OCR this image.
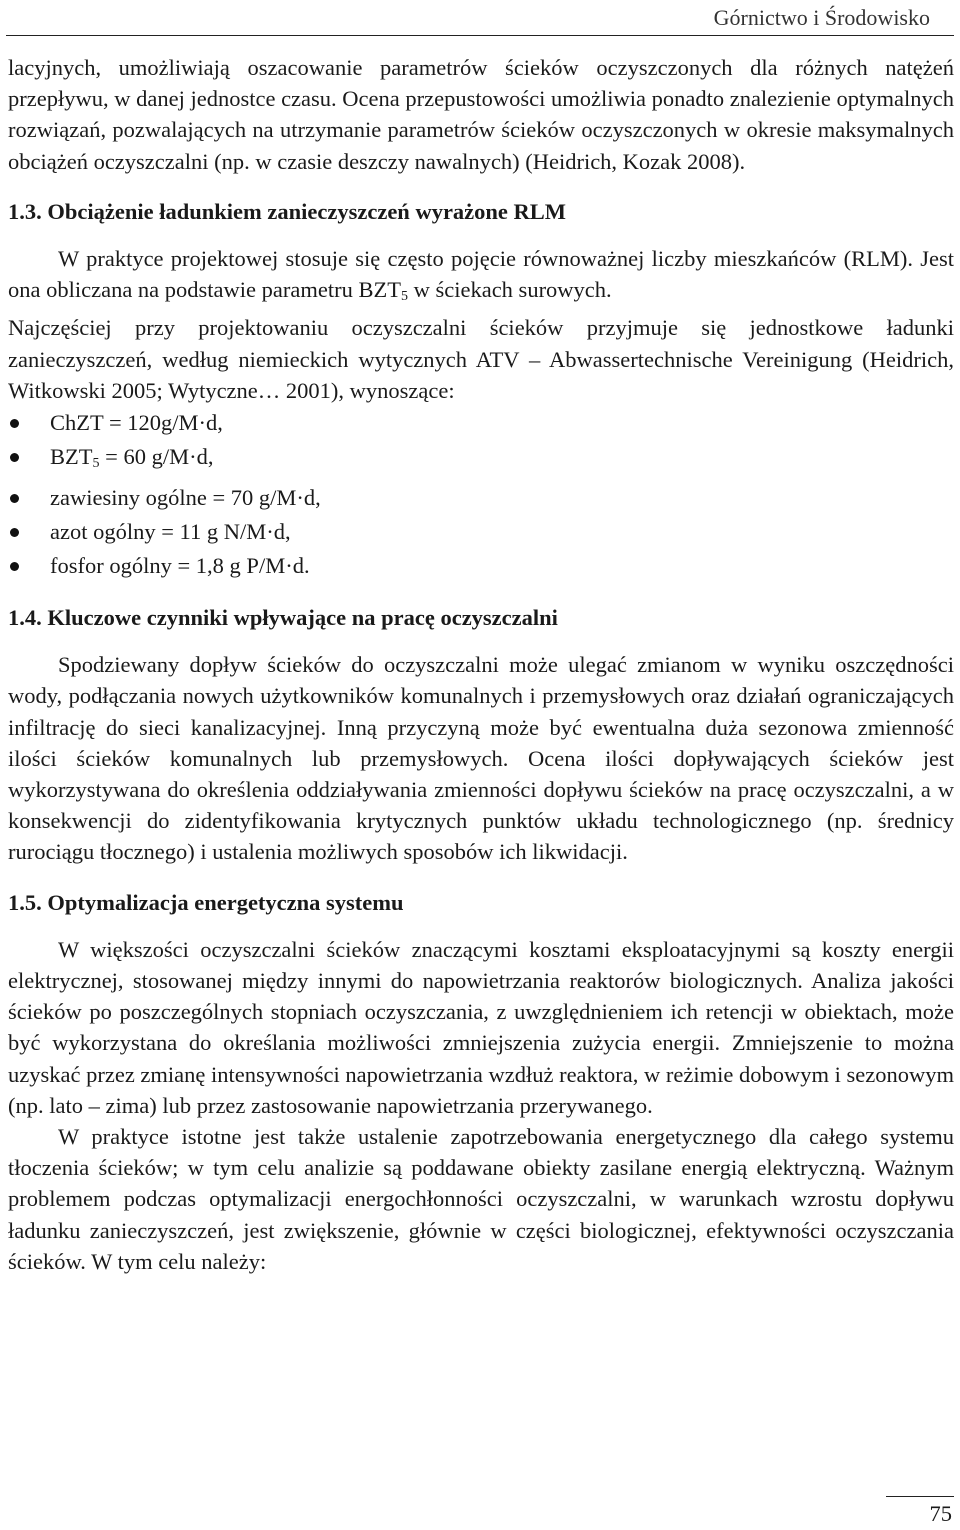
Górnictwo i Środowisko

lacyjnych, umożliwiają oszacowanie parametrów ścieków oczyszczonych dla różnych natężeń przepływu, w danej jednostce czasu. Ocena przepustowości umożliwia ponadto znalezienie optymalnych rozwiązań, pozwalających na utrzymanie parametrów ścieków oczyszczonych w okresie maksymalnych obciążeń oczyszczalni (np. w czasie deszczy nawalnych) (Heidrich, Kozak 2008).

1.3. Obciążenie ładunkiem zanieczyszczeń wyrażone RLM

W praktyce projektowej stosuje się często pojęcie równoważnej liczby mieszkańców (RLM). Jest ona obliczana na podstawie parametru $BZT_5$ w ściekach surowych.

Najczęściej przy projektowaniu oczyszczalni ścieków przyjmuje się jednostkowe ładunki zanieczyszczeń, według niemieckich wytycznych ATV – Abwassertechnische Vereinigung (Heidrich, Witkowski 2005; Wytyczne… 2001), wynoszące:

ChZT = 120g/M·d,
$BZT_5 = 60$ g/M·d,
zawiesiny ogólne = 70 g/M·d,
azot ogólny = 11 g N/M·d,
fosfor ogólny = 1,8 g P/M·d.
1.4. Kluczowe czynniki wpływające na pracę oczyszczalni

Spodziewany dopływ ścieków do oczyszczalni może ulegać zmianom w wyniku oszczędności wody, podłączania nowych użytkowników komunalnych i przemysłowych oraz działań ograniczających infiltrację do sieci kanalizacyjnej. Inną przyczyną może być ewentualna duża sezonowa zmienność ilości ścieków komunalnych lub przemysłowych. Ocena ilości dopływających ścieków jest wykorzystywana do określenia oddziaływania zmienności dopływu ścieków na pracę oczyszczalni, a w konsekwencji do zidentyfikowania krytycznych punktów układu technologicznego (np. średnicy rurociągu tłocznego) i ustalenia możliwych sposobów ich likwidacji.

1.5. Optymalizacja energetyczna systemu

W większości oczyszczalni ścieków znaczącymi kosztami eksploatacyjnymi są koszty energii elektrycznej, stosowanej między innymi do napowietrzania reaktorów biologicznych. Analiza jakości ścieków po poszczególnych stopniach oczyszczania, z uwzględnieniem ich retencji w obiektach, może być wykorzystana do określania możliwości zmniejszenia zużycia energii. Zmniejszenie to można uzyskać przez zmianę intensywności napowietrzania wzdłuż reaktora, w reżimie dobowym i sezonowym (np. lato – zima) lub przez zastosowanie napowietrzania przerywanego.

W praktyce istotne jest także ustalenie zapotrzebowania energetycznego dla całego systemu tłoczenia ścieków; w tym celu analizie są poddawane obiekty zasilane energią elektryczną. Ważnym problemem podczas optymalizacji energochłonności oczyszczalni, w warunkach wzrostu dopływu ładunku zanieczyszczeń, jest zwiększenie, głównie w części biologicznej, efektywności oczyszczania ścieków. W tym celu należy:

75
